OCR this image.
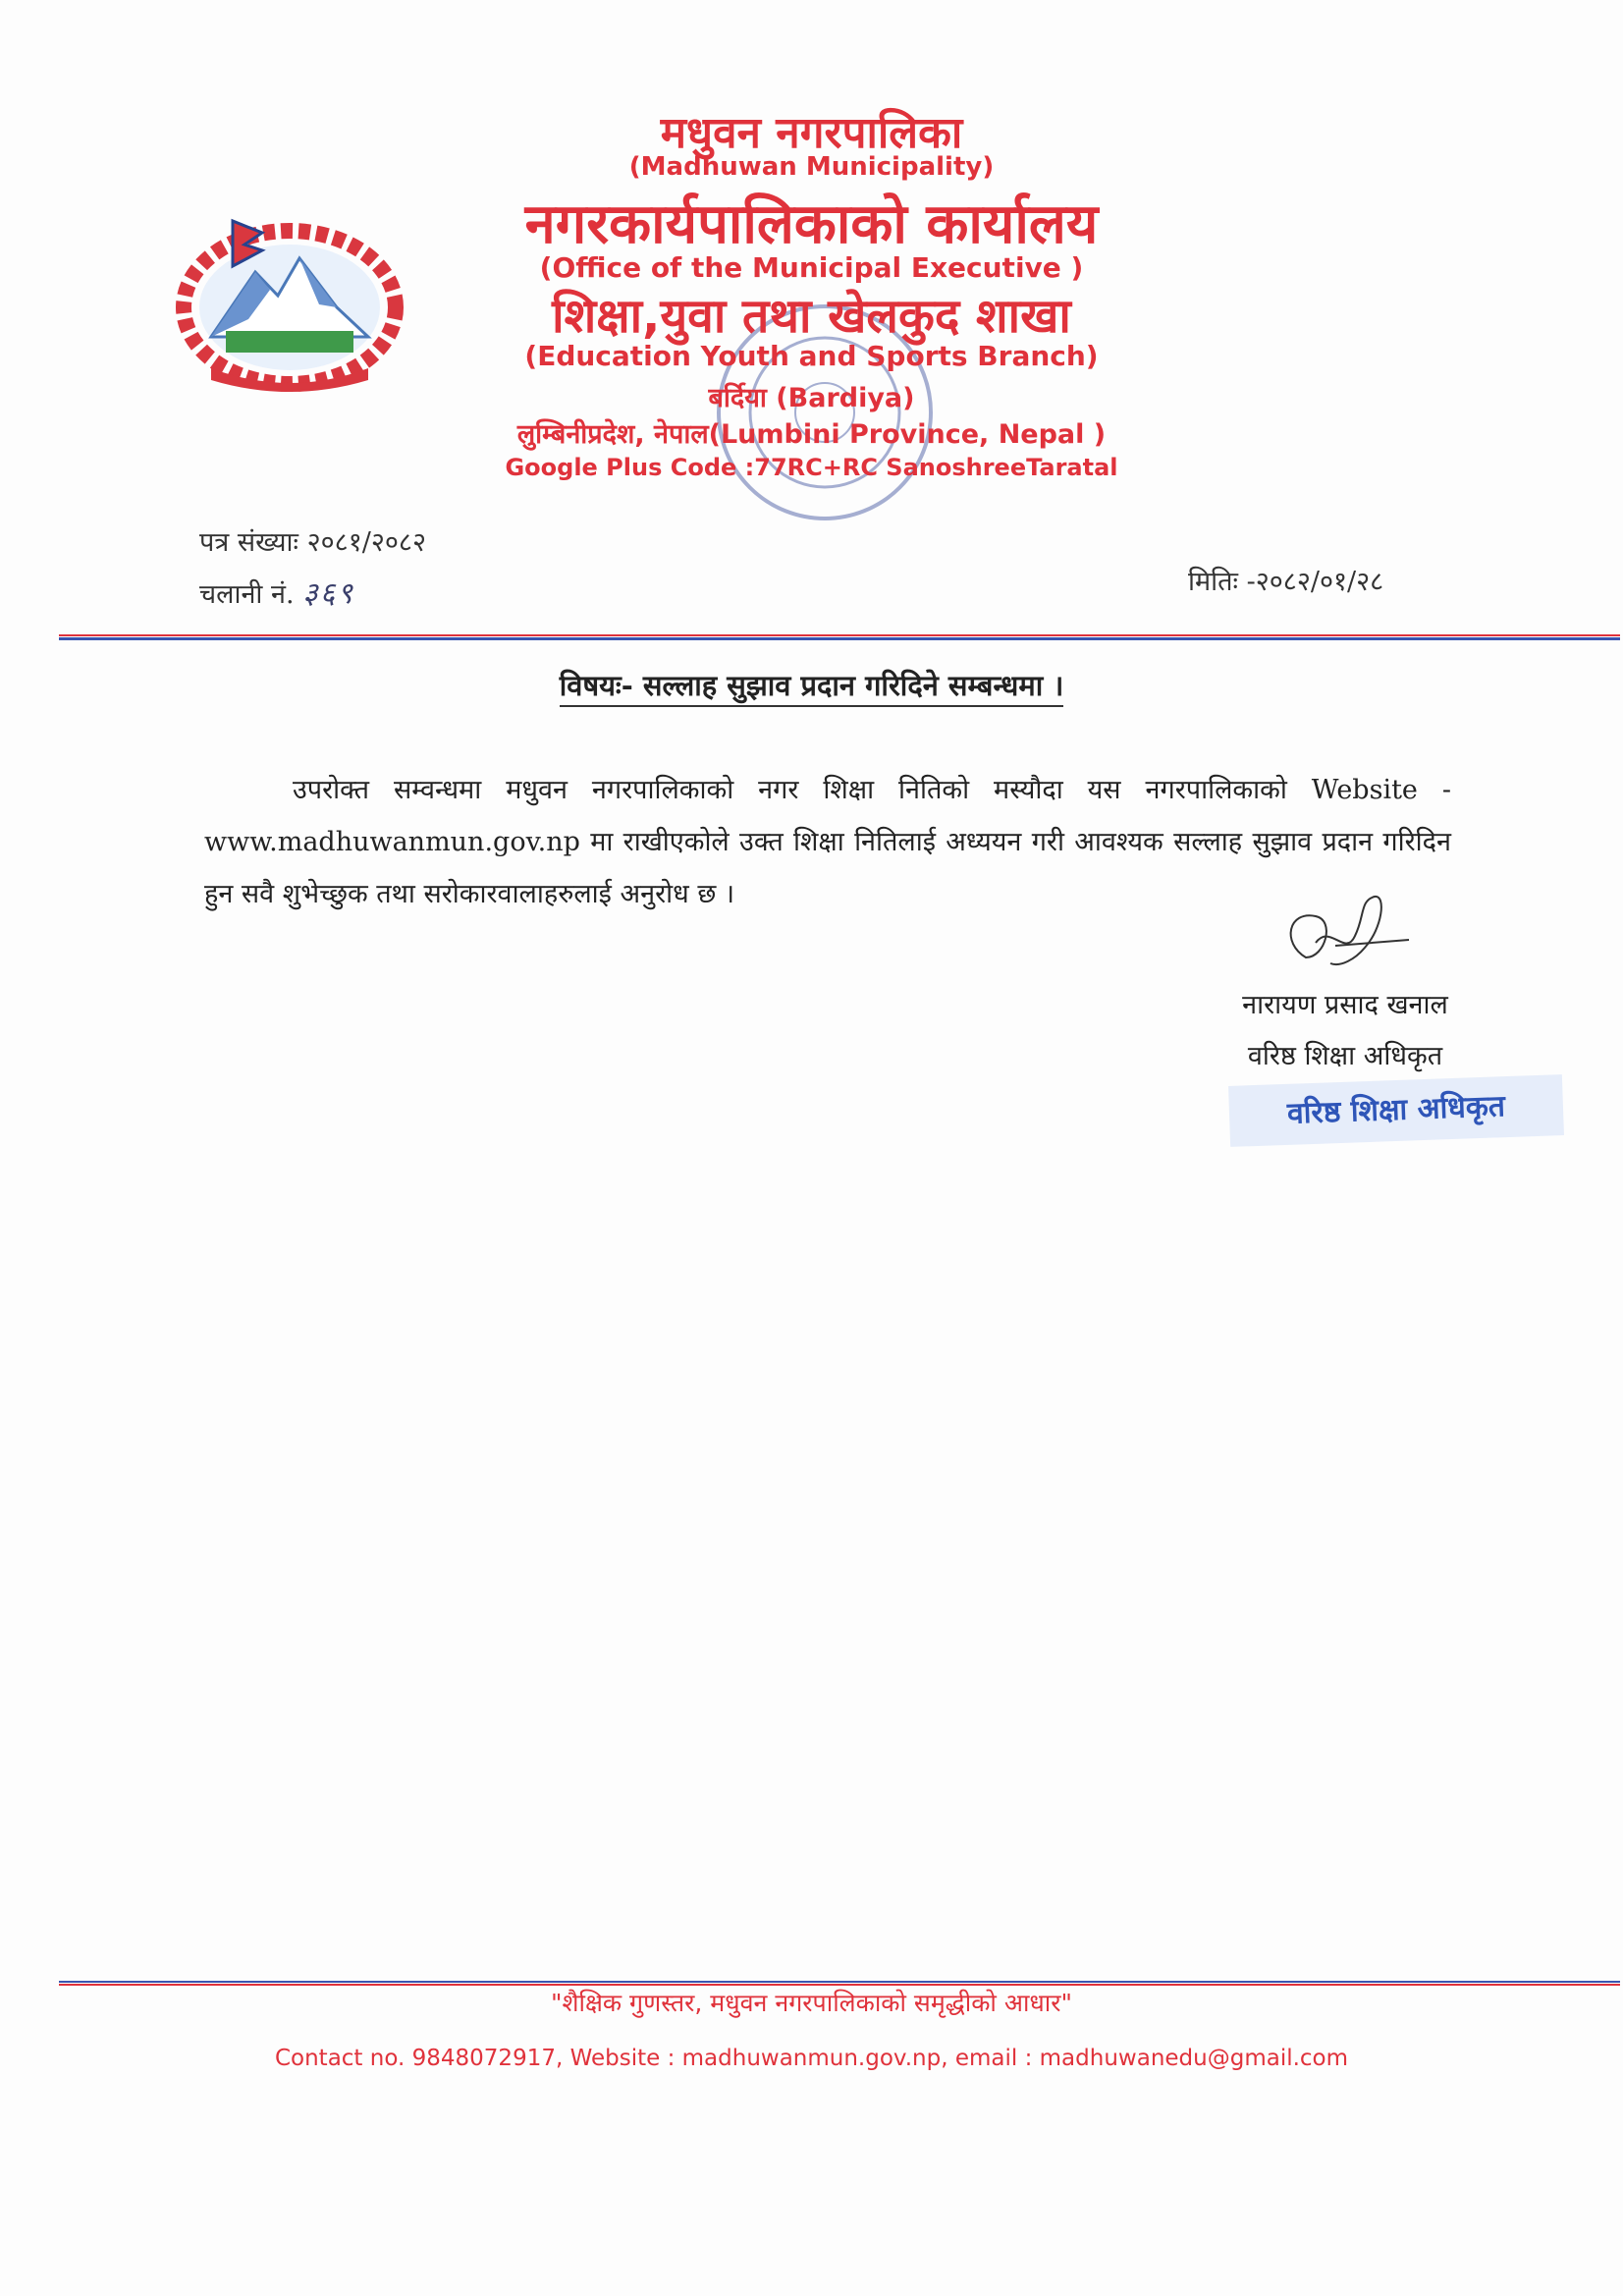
मधुवन नगरपालिका
(Madhuwan Municipality)
नगरकार्यपालिकाको कार्यालय
(Office of the Municipal Executive )
शिक्षा,युवा तथा खेलकुद शाखा
(Education Youth and Sports Branch)
बर्दिया (Bardiya)
लुम्बिनीप्रदेश, नेपाल(Lumbini Province, Nepal )
Google Plus Code :77RC+RC SanoshreeTaratal
पत्र संख्याः २०८१/२०८२
चलानी नं. ३६९	मितिः -२०८२/०१/२८
विषयः- सल्लाह सुझाव प्रदान गरिदिने सम्बन्धमा ।
उपरोक्त सम्वन्धमा मधुवन नगरपालिकाको नगर शिक्षा नितिको मस्यौदा यस नगरपालिकाको Website - www.madhuwanmun.gov.np मा राखीएकोले उक्त शिक्षा नितिलाई अध्ययन गरी आवश्यक सल्लाह सुझाव प्रदान गरिदिन हुन सवै शुभेच्छुक तथा सरोकारवालाहरुलाई अनुरोध छ ।
नारायण प्रसाद खनाल
वरिष्ठ शिक्षा अधिकृत
वरिष्ठ शिक्षा अधिकृत
"शैक्षिक गुणस्तर, मधुवन नगरपालिकाको समृद्धीको आधार"
Contact no. 9848072917, Website : madhuwanmun.gov.np, email : madhuwanedu@gmail.com
